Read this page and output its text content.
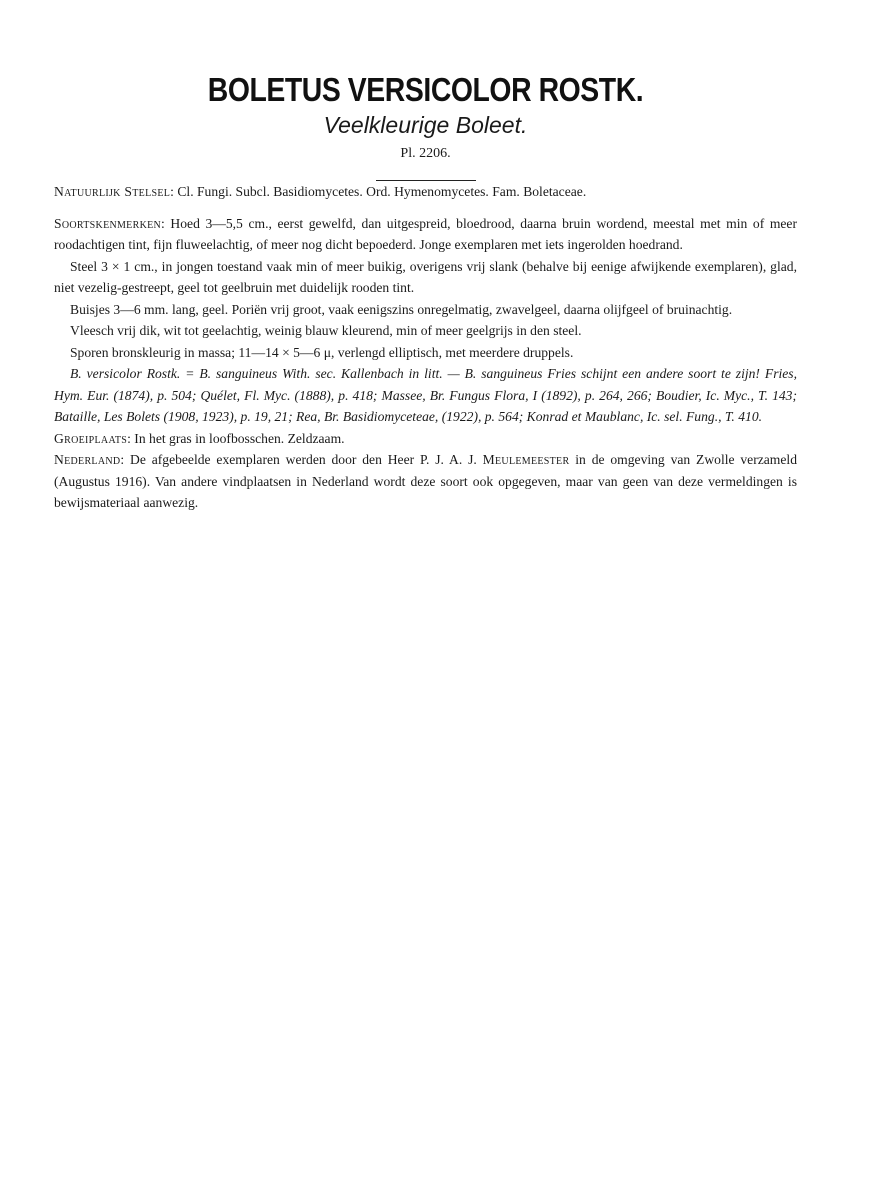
BOLETUS VERSICOLOR ROSTK.

Veelkleurige Boleet.

Pl. 2206.

Natuurlijk Stelsel: Cl. Fungi. Subcl. Basidiomycetes. Ord. Hymenomycetes. Fam. Boletaceae.

Soortskenmerken: Hoed 3—5,5 cm., eerst gewelfd, dan uitgespreid, bloedrood, daarna bruin wordend, meestal met min of meer roodachtigen tint, fijn fluweelachtig, of meer nog dicht bepoederd. Jonge exemplaren met iets ingerolden hoedrand.

Steel 3 × 1 cm., in jongen toestand vaak min of meer buikig, overigens vrij slank (behalve bij eenige afwijkende exemplaren), glad, niet vezelig-gestreept, geel tot geelbruin met duidelijk rooden tint.

Buisjes 3—6 mm. lang, geel. Poriën vrij groot, vaak eenigszins onregelmatig, zwavelgeel, daarna olijfgeel of bruinachtig.

Vleesch vrij dik, wit tot geelachtig, weinig blauw kleurend, min of meer geelgrijs in den steel.

Sporen bronskleurig in massa; 11—14 × 5—6 μ, verlengd elliptisch, met meerdere druppels.

B. versicolor Rostk. = B. sanguineus With. sec. Kallenbach in litt. — B. sanguineus Fries schijnt een andere soort te zijn! Fries, Hym. Eur. (1874), p. 504; Quélet, Fl. Myc. (1888), p. 418; Massee, Br. Fungus Flora, I (1892), p. 264, 266; Boudier, Ic. Myc., T. 143; Bataille, Les Bolets (1908, 1923), p. 19, 21; Rea, Br. Basidiomyceteae, (1922), p. 564; Konrad et Maublanc, Ic. sel. Fung., T. 410.

Groeiplaats: In het gras in loofbosschen. Zeldzaam.

Nederland: De afgebeelde exemplaren werden door den Heer P. J. A. J. Meulemeester in de omgeving van Zwolle verzameld (Augustus 1916). Van andere vindplaatsen in Nederland wordt deze soort ook opgegeven, maar van geen van deze vermeldingen is bewijsmateriaal aanwezig.
